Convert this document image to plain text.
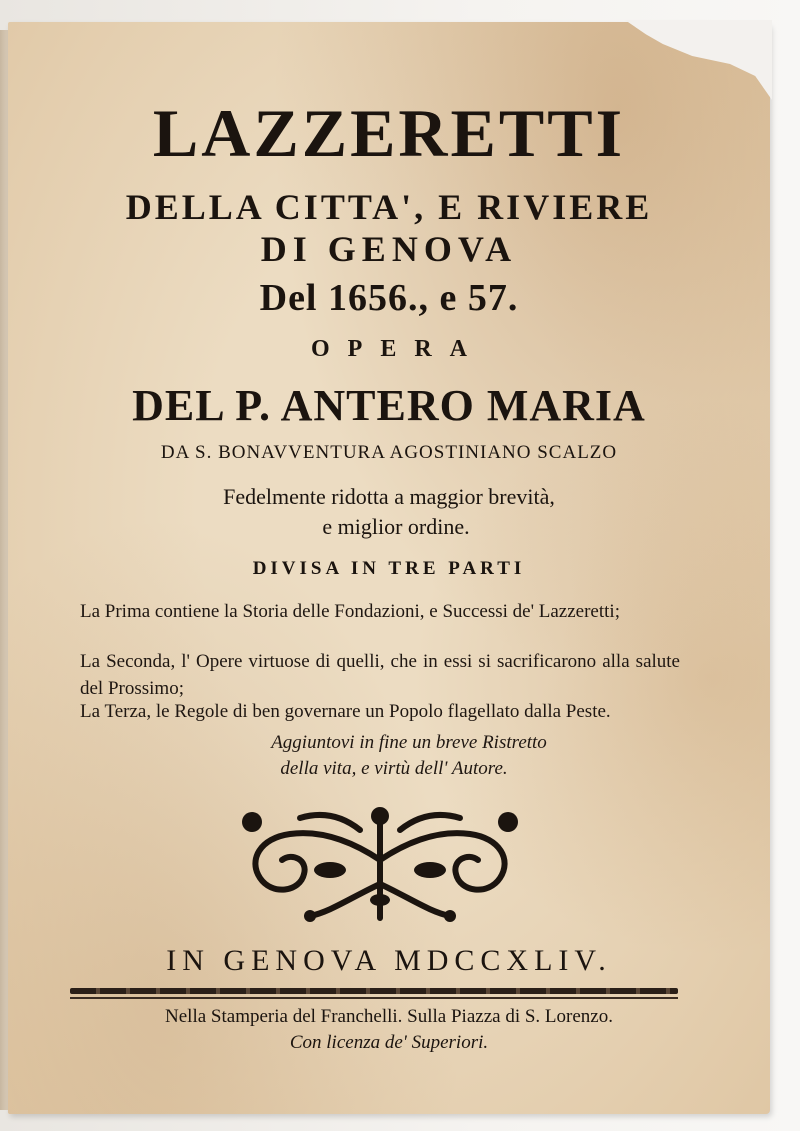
LAZZERETTI
DELLA CITTA', E RIVIERE
DI GENOVA
Del 1656., e 57.
OPERA
DEL P. ANTERO MARIA
DA S. BONAVVENTURA AGOSTINIANO SCALZO
Fedelmente ridotta a maggior brevità,
e miglior ordine.
DIVISA IN TRE PARTI
La Prima contiene la Storia delle Fondazioni, e Successi de' Lazzeretti;
La Seconda, l' Opere virtuose di quelli, che in essi si sacrificarono alla salute del Prossimo;
La Terza, le Regole di ben governare un Popolo flagellato dalla Peste.
Aggiuntovi in fine un breve Ristretto
della vita, e virtù dell' Autore.
IN GENOVA MDCCXLIV.
Nella Stamperia del Franchelli. Sulla Piazza di S. Lorenzo.
Con licenza de' Superiori.
